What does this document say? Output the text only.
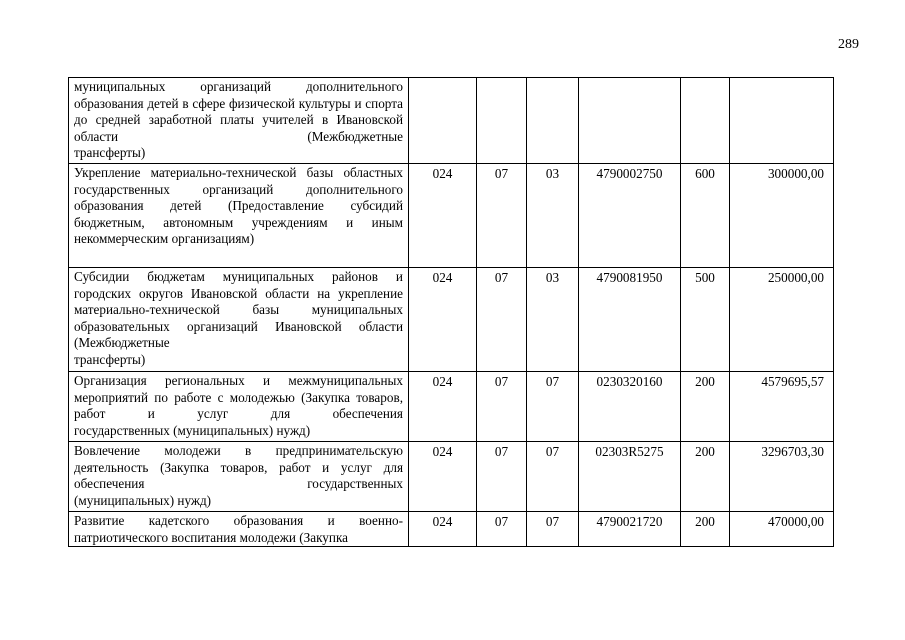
289
муниципальных организаций дополнительного образования детей в сфере физической культуры и спорта до средней заработной платы учителей в Ивановской области (Межбюджетные
трансферты)						

Укрепление материально-технической базы областных государственных организаций дополнительного образования детей (Предоставление субсидий бюджетным, автономным учреждениям и иным
некоммерческим организациям)	024	07	03	4790002750	600	300000,00
Субсидии бюджетам муниципальных районов и городских округов Ивановской области на укрепление материально-технической базы муниципальных образовательных организаций Ивановской области (Межбюджетные
трансферты)	024	07	03	4790081950	500	250000,00
Организация региональных и межмуниципальных мероприятий по работе с молодежью (Закупка товаров, работ и услуг для обеспечения
государственных (муниципальных) нужд)	024	07	07	0230320160	200	4579695,57
Вовлечение молодежи в предпринимательскую деятельность (Закупка товаров, работ и услуг для обеспечения государственных
(муниципальных) нужд)	024	07	07	02303R5275	200	3296703,30
Развитие кадетского образования и военно-
патриотического воспитания молодежи (Закупка	024	07	07	4790021720	200	470000,00
